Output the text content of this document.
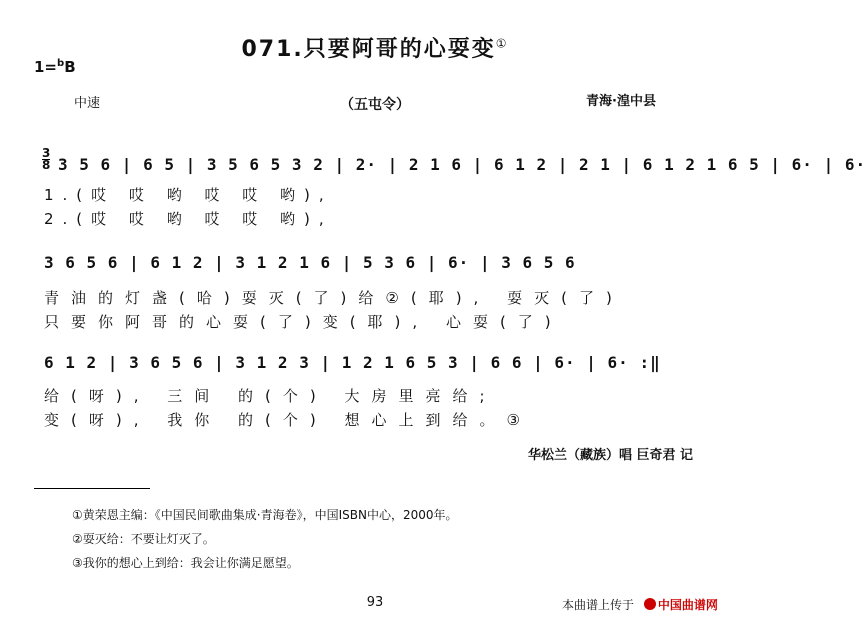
071.只要阿哥的心耍变①
1=$^b$B
中速	（五屯令）	青海·湟中县
3
8 3 5 6 | 6 5 | 3 5 6 5 3 2 | 2· | 2 1 6 | 6 1 2 | 2 1 | 6 1 2 1 6 5 | 6· | 6·
1.(哎 哎 哟 哎 哎 哟),
2.(哎 哎 哟 哎 哎 哟),
3 6 5 6 | 6 1 2 | 3 1 2 1 6 | 5 3 6 | 6· | 3 6 5 6
青油的灯盏(哈)耍灭(了)给②(耶), 耍灭(了)
只要你阿哥的心耍(了)变(耶), 心耍(了)
6 1 2 | 3 6 5 6 | 3 1 2 3 | 1 2 1 6 5 3 | 6 6 | 6· | 6· :‖
给(呀), 三间 的(个) 大房里亮给;
变(呀), 我你 的(个) 想心上到给。③
华松兰（藏族）唱 巨奇君 记
①黄荣恩主编：《中国民间歌曲集成·青海卷》，中国ISBN中心，2000年。
②耍灭给：不要让灯灭了。
③我你的想心上到给：我会让你满足愿望。
93	本曲谱上传于 中国曲谱网
